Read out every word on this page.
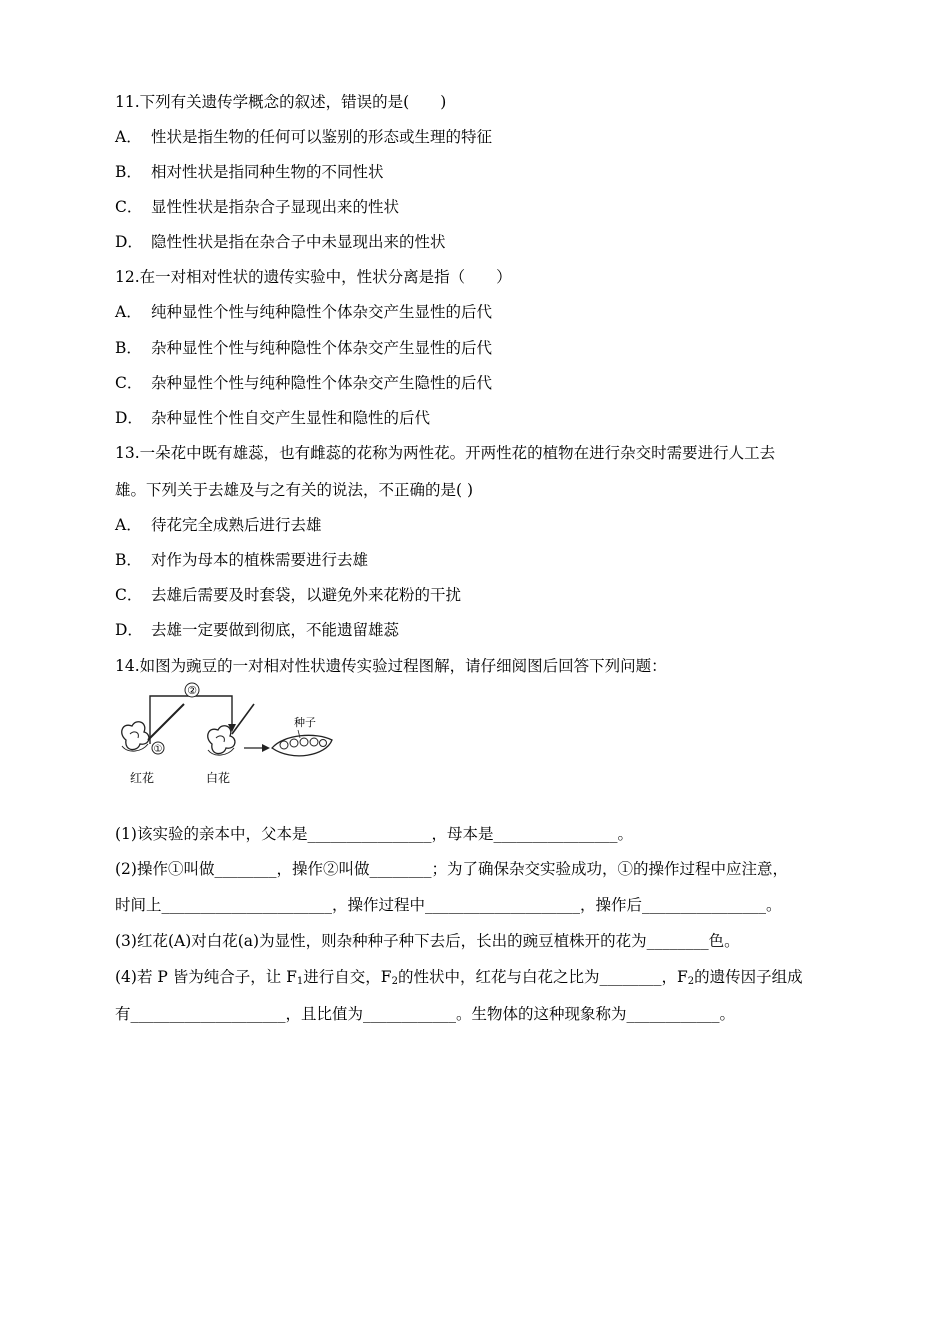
11.下列有关遗传学概念的叙述，错误的是(　　)
A． 性状是指生物的任何可以鉴别的形态或生理的特征
B． 相对性状是指同种生物的不同性状
C． 显性性状是指杂合子显现出来的性状
D． 隐性性状是指在杂合子中未显现出来的性状
12.在一对相对性状的遗传实验中，性状分离是指（　　）
A． 纯种显性个性与纯种隐性个体杂交产生显性的后代
B． 杂种显性个性与纯种隐性个体杂交产生显性的后代
C． 杂种显性个性与纯种隐性个体杂交产生隐性的后代
D． 杂种显性个性自交产生显性和隐性的后代
13.一朵花中既有雄蕊，也有雌蕊的花称为两性花。开两性花的植物在进行杂交时需要进行人工去
雄。下列关于去雄及与之有关的说法，不正确的是( )
A． 待花完全成熟后进行去雄
B． 对作为母本的植株需要进行去雄
C． 去雄后需要及时套袋，以避免外来花粉的干扰
D． 去雄一定要做到彻底，不能遗留雄蕊
14.如图为豌豆的一对相对性状遗传实验过程图解，请仔细阅图后回答下列问题：
②
①
种子
红花	白花
(1)该实验的亲本中，父本是________________，母本是________________。
(2)操作①叫做________，操作②叫做________；为了确保杂交实验成功，①的操作过程中应注意，
时间上______________________，操作过程中____________________，操作后________________。
(3)红花(A)对白花(a)为显性，则杂种种子种下去后，长出的豌豆植株开的花为________色。
(4)若 P 皆为纯合子，让 $F_1$进行自交，$F_2$的性状中，红花与白花之比为________，$F_2$的遗传因子组成
有____________________，且比值为____________。生物体的这种现象称为____________。
